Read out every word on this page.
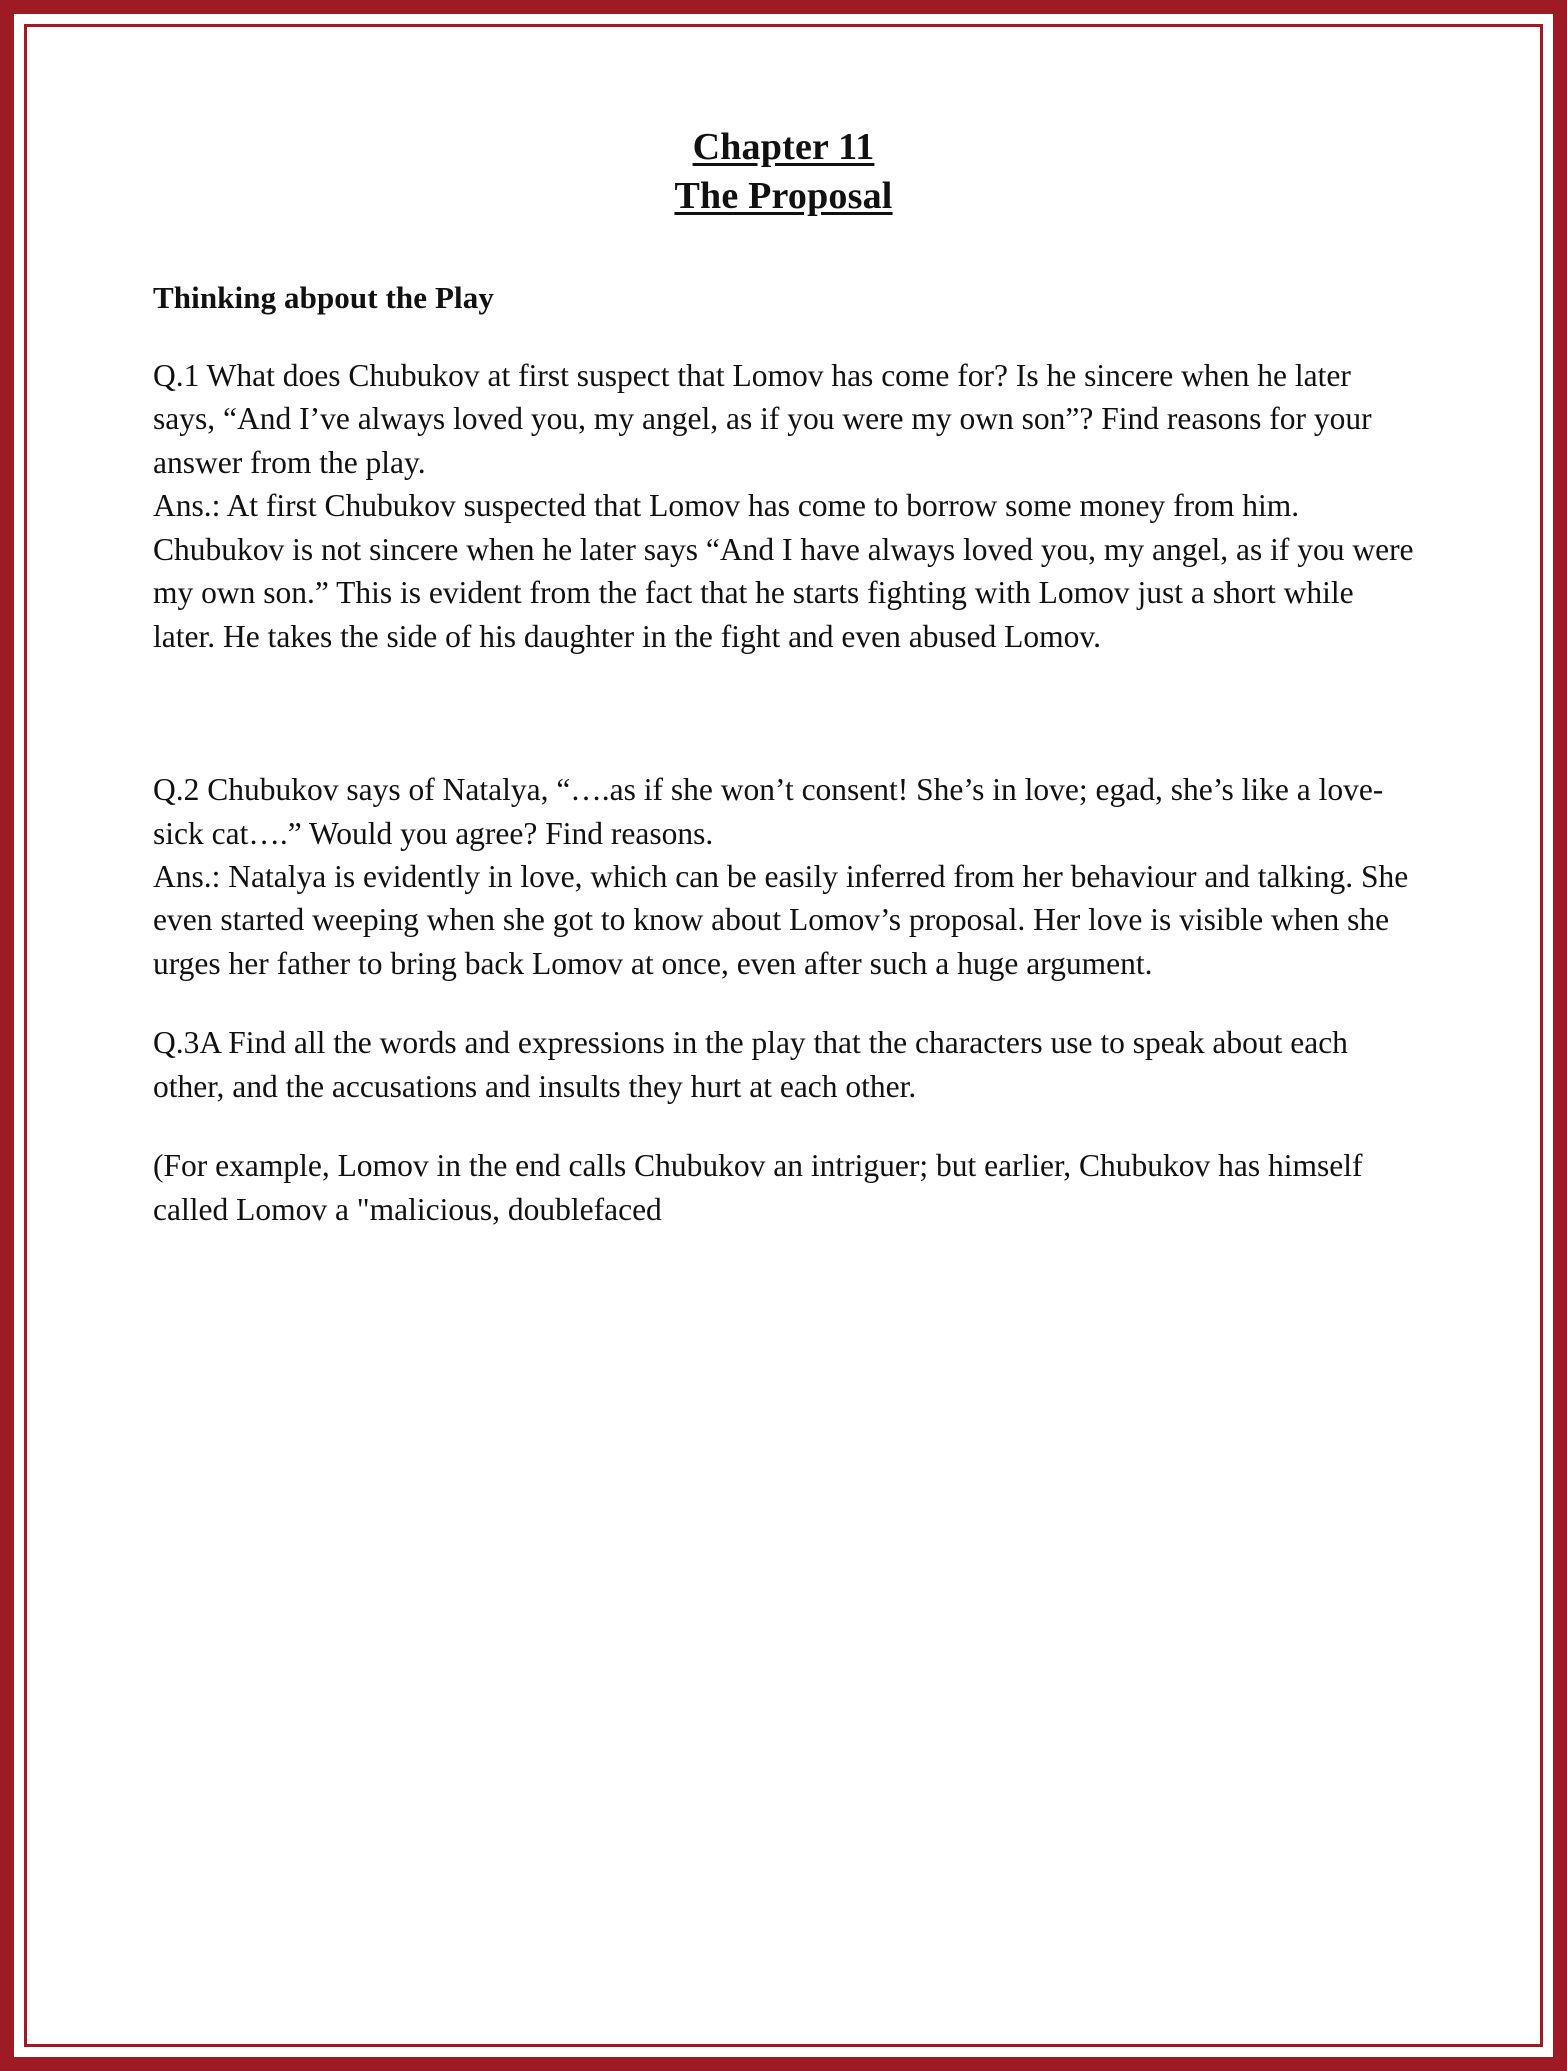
Chapter 11
The Proposal
Thinking abpout the Play

Q.1 What does Chubukov at first suspect that Lomov has come for? Is he sincere when he later says, “And I’ve always loved you, my angel, as if you were my own son”? Find reasons for your answer from the play.

Ans.: At first Chubukov suspected that Lomov has come to borrow some money from him. Chubukov is not sincere when he later says “And I have always loved you, my angel, as if you were my own son.” This is evident from the fact that he starts fighting with Lomov just a short while later. He takes the side of his daughter in the fight and even abused Lomov.

Q.2 Chubukov says of Natalya, “….as if she won’t consent! She’s in love; egad, she’s like a love-sick cat….” Would you agree? Find reasons.

Ans.: Natalya is evidently in love, which can be easily inferred from her behaviour and talking. She even started weeping when she got to know about Lomov’s proposal. Her love is visible when she urges her father to bring back Lomov at once, even after such a huge argument.

Q.3A Find all the words and expressions in the play that the characters use to speak about each other, and the accusations and insults they hurt at each other.

(For example, Lomov in the end calls Chubukov an intriguer; but earlier, Chubukov has himself called Lomov a "malicious, doublefaced
